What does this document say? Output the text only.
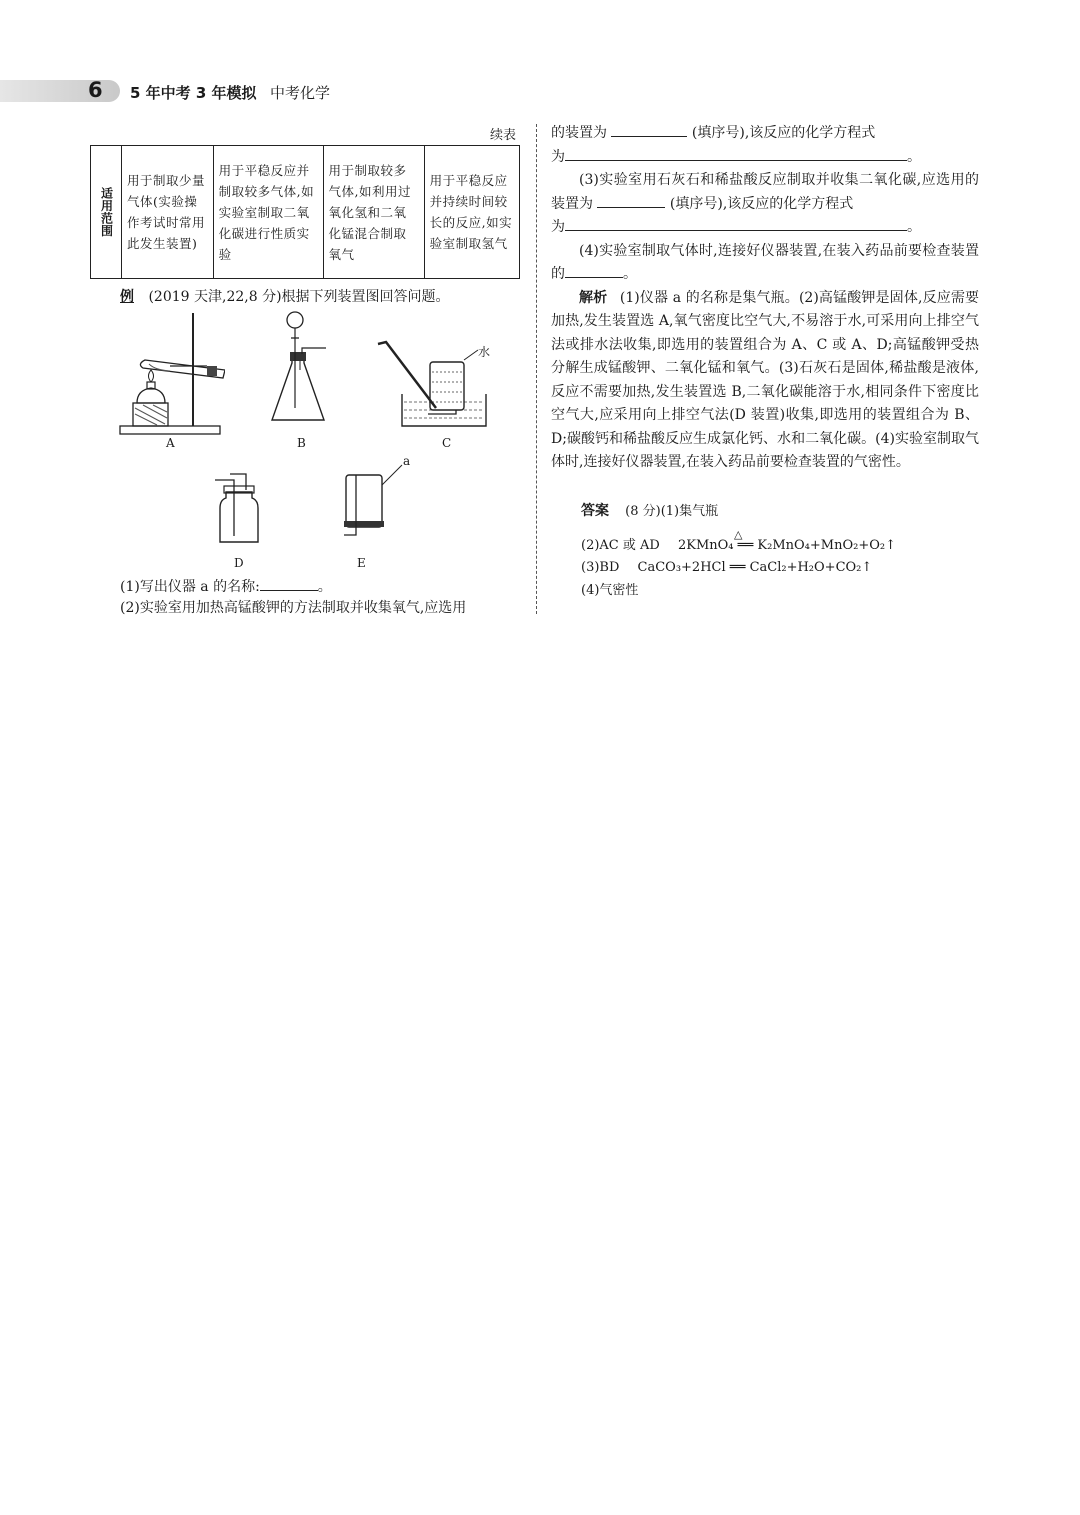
6 5 年中考 3 年模拟 中考化学
续表
适用范围	用于制取少量气体(实验操作考试时常用此发生装置)	用于平稳反应并制取较多气体,如实验室制取二氧化碳进行性质实验	用于制取较多气体,如利用过氧化氢和二氧化锰混合制取氧气	用于平稳反应并持续时间较长的反应,如实验室制取氢气
例 (2019 天津,22,8 分)根据下列装置图回答问题。
A	B
水
C
D
a
E
(1)写出仪器 a 的名称:	。
(2)实验室用加热高锰酸钾的方法制取并收集氧气,应选用
的装置为	(填序号),该反应的化学方程式
为	。
(3)实验室用石灰石和稀盐酸反应制取并收集二氧化碳,应选用的装置为	(填序号),该反应的化学方程式
为	。
(4)实验室制取气体时,连接好仪器装置,在装入药品前要检查装置的	。
解析 (1)仪器 a 的名称是集气瓶。(2)高锰酸钾是固体,反应需要加热,发生装置选 A,氧气密度比空气大,不易溶于水,可采用向上排空气法或排水法收集,即选用的装置组合为 A、C 或 A、D;高锰酸钾受热分解生成锰酸钾、二氧化锰和氧气。(3)石灰石是固体,稀盐酸是液体,反应不需要加热,发生装置选 B,二氧化碳能溶于水,相同条件下密度比空气大,应采用向上排空气法(D 装置)收集,即选用的装置组合为 B、D;碳酸钙和稀盐酸反应生成氯化钙、水和二氧化碳。(4)实验室制取气体时,连接好仪器装置,在装入药品前要检查装置的气密性。
答案 (8 分)(1)集气瓶
(2)AC 或 AD
△
2KMnO₄ ══ K₂MnO₄+MnO₂+O₂↑
(3)BD CaCO₃+2HCl ══ CaCl₂+H₂O+CO₂↑
(4)气密性
